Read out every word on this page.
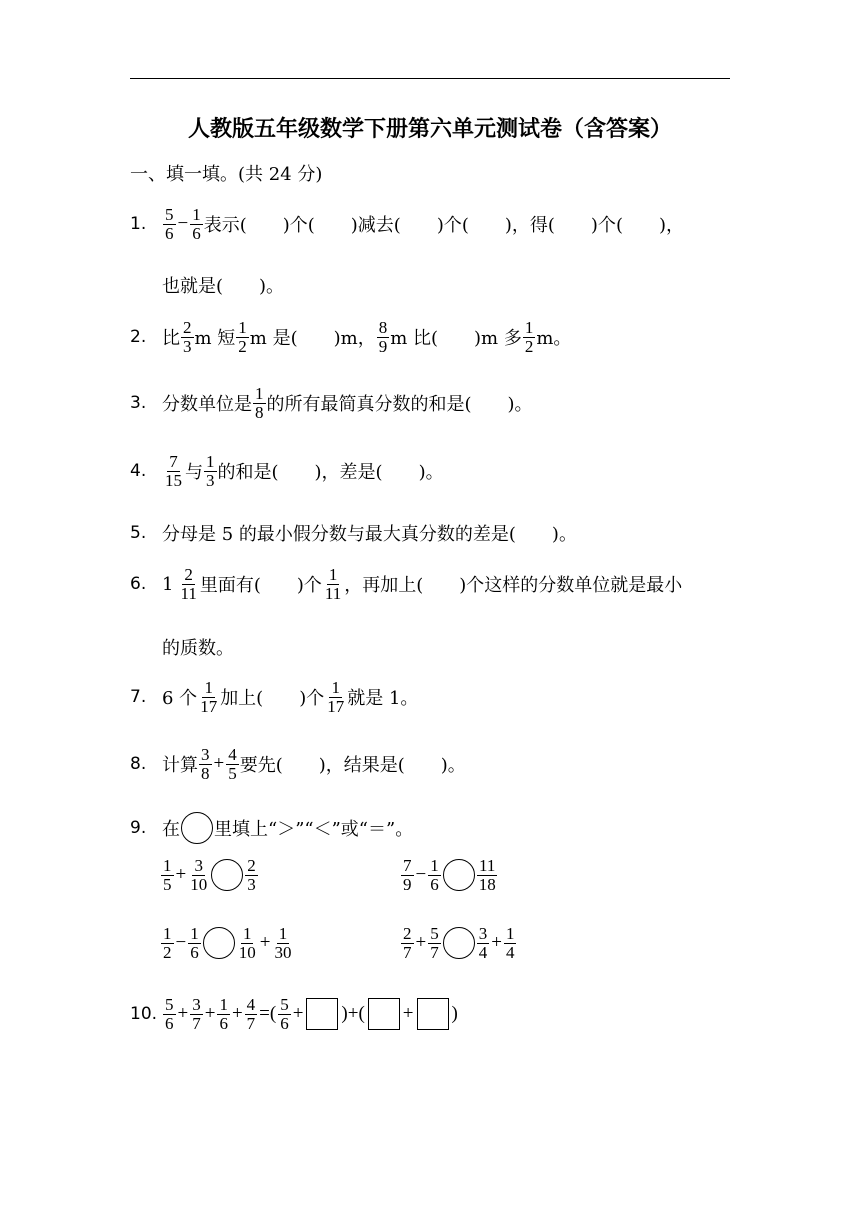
人教版五年级数学下册第六单元测试卷（含答案）
一、填一填。(共 24 分)
1. $\frac{5}{6} - \frac{1}{6}$ 表示(　　)个(　　)减去(　　)个(　　)，得(　　)个(　　)，
也就是(　　)。
2. 比 $\frac{2}{3}$ m 短 $\frac{1}{2}$ m 是(　　)m， $\frac{8}{9}$ m 比(　　)m 多 $\frac{1}{2}$ m。
3. 分数单位是 $\frac{1}{8}$ 的所有最简真分数的和是(　　)。
4. $\frac{7}{15}$ 与 $\frac{1}{3}$ 的和是(　　)，差是(　　)。
5. 分母是 5 的最小假分数与最大真分数的差是(　　)。
6. $1 \frac{2}{11}$ 里面有(　　)个 $\frac{1}{11}$ ，再加上(　　)个这样的分数单位就是最小
的质数。
7. 6 个 $\frac{1}{17}$ 加上(　　)个 $\frac{1}{17}$ 就是 1。
8. 计算 $\frac{3}{8} + \frac{4}{5}$ 要先(　　)，结果是(　　)。
9. 在 里填上“＞”“＜”或“＝”。
$\frac{1}{5} + \frac{3}{10} \frac{2}{3}$	$\frac{7}{9} - \frac{1}{6} \frac{11}{18}$
$\frac{1}{2} - \frac{1}{6} \frac{1}{10} + \frac{1}{30}$	$\frac{2}{7} + \frac{5}{7} \frac{3}{4} + \frac{1}{4}$
10. $\frac{5}{6} + \frac{3}{7} + \frac{1}{6} + \frac{4}{7}$ =( $\frac{5}{6}$ + )+( + )
